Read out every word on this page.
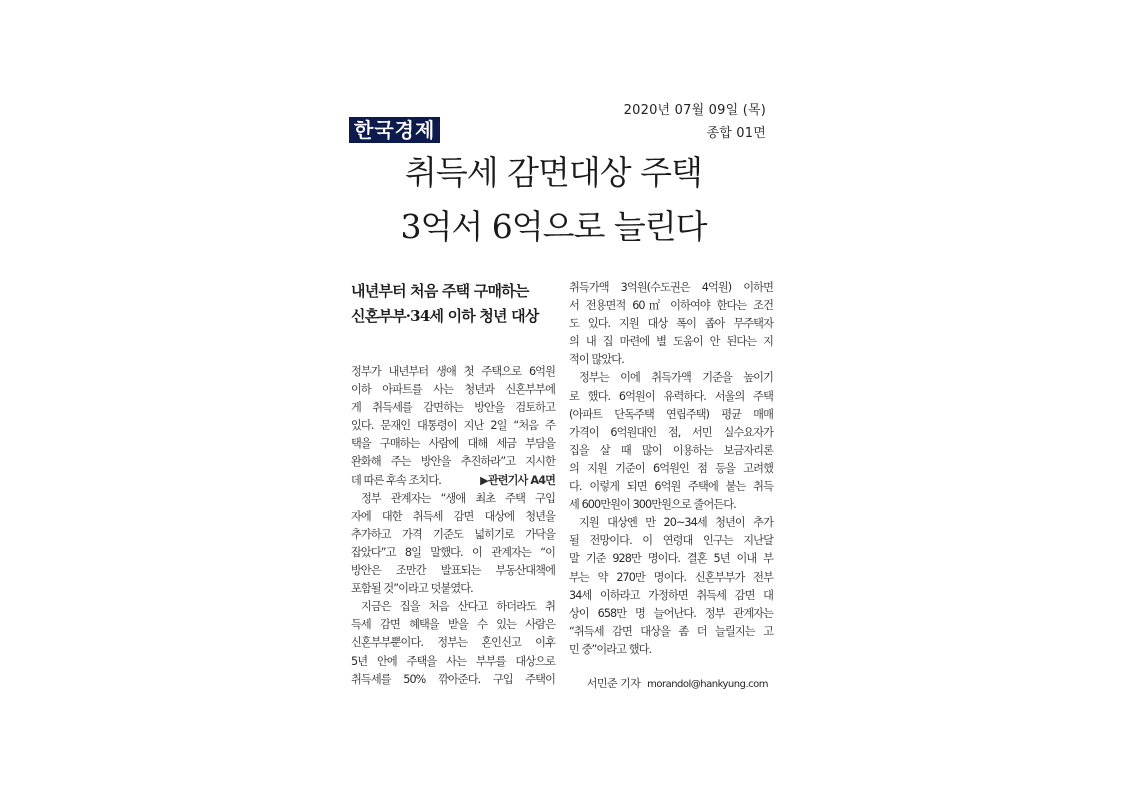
2020년 07월 09일 (목)
종합 01면
한국경제
취득세 감면대상 주택
3억서 6억으로 늘린다
내년부터 처음 주택 구매하는
신혼부부·34세 이하 청년 대상
정부가 내년부터 생애 첫 주택으로 6억원
이하 아파트를 사는 청년과 신혼부부에
게 취득세를 감면하는 방안을 검토하고
있다. 문재인 대통령이 지난 2일 “처음 주
택을 구매하는 사람에 대해 세금 부담을
완화해 주는 방안을 추진하라”고 지시한
데 따른 후속 조치다.	▶관련기사 A4면
정부 관계자는 “생애 최초 주택 구입
자에 대한 취득세 감면 대상에 청년을
추가하고 가격 기준도 넓히기로 가닥을
잡았다”고 8일 말했다. 이 관계자는 “이
방안은 조만간 발표되는 부동산대책에
포함될 것”이라고 덧붙였다.
지금은 집을 처음 산다고 하더라도 취
득세 감면 혜택을 받을 수 있는 사람은
신혼부부뿐이다. 정부는 혼인신고 이후
5년 안에 주택을 사는 부부를 대상으로
취득세를 50% 깎아준다. 구입 주택이
취득가액 3억원(수도권은 4억원) 이하면
서 전용면적 60㎡ 이하여야 한다는 조건
도 있다. 지원 대상 폭이 좁아 무주택자
의 내 집 마련에 별 도움이 안 된다는 지
적이 많았다.
정부는 이에 취득가액 기준을 높이기
로 했다. 6억원이 유력하다. 서울의 주택
(아파트 단독주택 연립주택) 평균 매매
가격이 6억원대인 점, 서민 실수요자가
집을 살 때 많이 이용하는 보금자리론
의 지원 기준이 6억원인 점 등을 고려했
다. 이렇게 되면 6억원 주택에 붙는 취득
세 600만원이 300만원으로 줄어든다.
지원 대상엔 만 20~34세 청년이 추가
될 전망이다. 이 연령대 인구는 지난달
말 기준 928만 명이다. 결혼 5년 이내 부
부는 약 270만 명이다. 신혼부부가 전부
34세 이하라고 가정하면 취득세 감면 대
상이 658만 명 늘어난다. 정부 관계자는
“취득세 감면 대상을 좀 더 늘릴지는 고
민 중”이라고 했다.
서민준 기자 morandol@hankyung.com
